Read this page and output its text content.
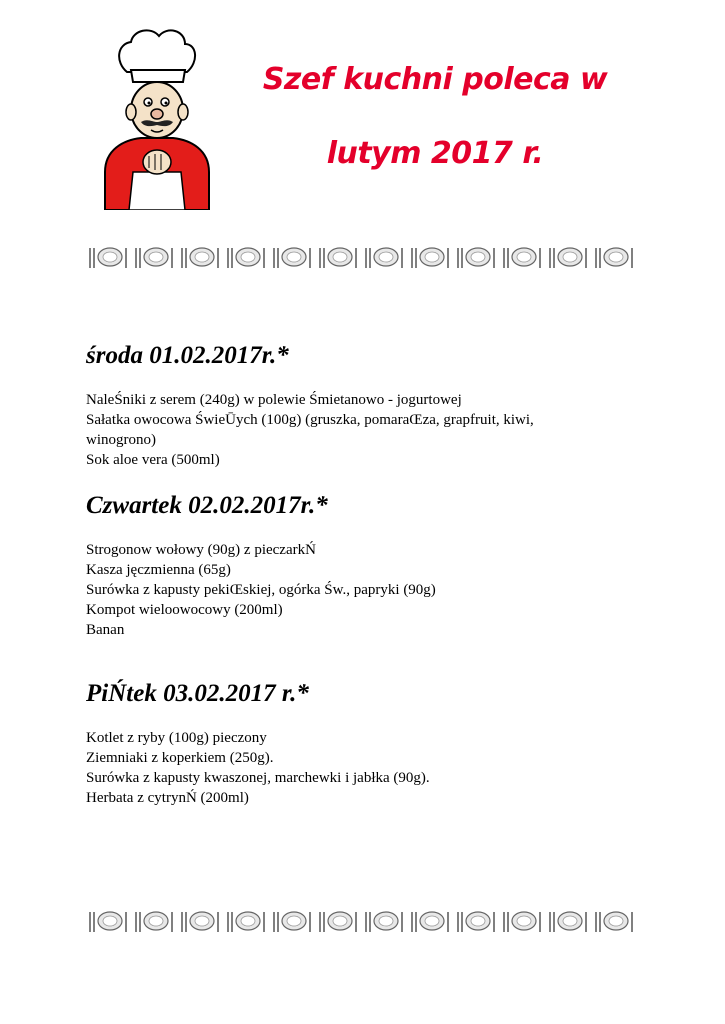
Szef kuchni poleca w
lutym 2017 r.

środa 01.02.2017r.*

NaleŚniki z serem (240g) w polewie Śmietanowo - jogurtowej

Sałatka owocowa ŚwieŪych (100g) (gruszka, pomaraŒza, grapfruit, kiwi,

winogrono)

Sok aloe vera (500ml)

Czwartek 02.02.2017r.*

Strogonow wołowy (90g) z pieczarkŃ

Kasza jęczmienna (65g)

Surówka z kapusty pekiŒskiej, ogórka Św., papryki (90g)

Kompot wieloowocowy (200ml)

Banan

PiŃtek 03.02.2017 r.*

Kotlet z ryby (100g) pieczony

Ziemniaki z koperkiem (250g).

Surówka z kapusty kwaszonej, marchewki i jabłka (90g).

Herbata z cytrynŃ (200ml)
